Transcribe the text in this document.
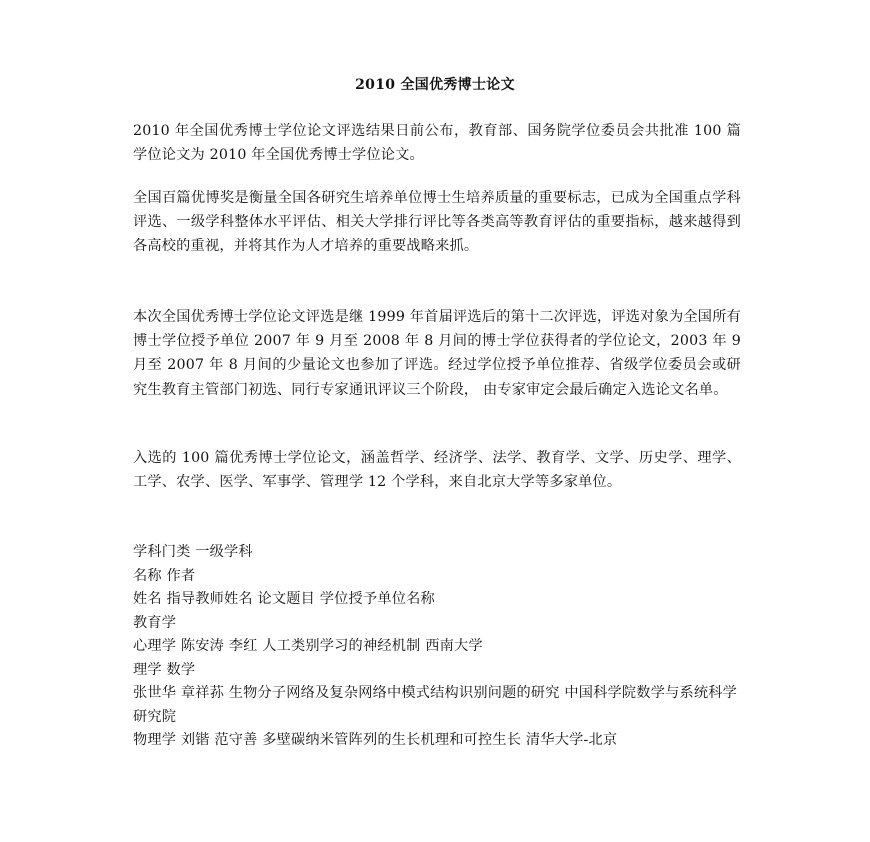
2010 全国优秀博士论文
2010 年全国优秀博士学位论文评选结果日前公布，教育部、国务院学位委员会共批准 100 篇学位论文为 2010 年全国优秀博士学位论文。
全国百篇优博奖是衡量全国各研究生培养单位博士生培养质量的重要标志，已成为全国重点学科评选、一级学科整体水平评估、相关大学排行评比等各类高等教育评估的重要指标，越来越得到各高校的重视，并将其作为人才培养的重要战略来抓。
本次全国优秀博士学位论文评选是继 1999 年首届评选后的第十二次评选，评选对象为全国所有博士学位授予单位 2007 年 9 月至 2008 年 8 月间的博士学位获得者的学位论文，2003 年 9 月至 2007 年 8 月间的少量论文也参加了评选。经过学位授予单位推荐、省级学位委员会或研究生教育主管部门初选、同行专家通讯评议三个阶段， 由专家审定会最后确定入选论文名单。
入选的 100 篇优秀博士学位论文，涵盖哲学、经济学、法学、教育学、文学、历史学、理学、工学、农学、医学、军事学、管理学 12 个学科，来自北京大学等多家单位。
学科门类 一级学科
名称 作者
姓名 指导教师姓名 论文题目 学位授予单位名称
教育学
心理学 陈安涛 李红 人工类别学习的神经机制 西南大学
理学 数学
张世华 章祥荪 生物分子网络及复杂网络中模式结构识别问题的研究 中国科学院数学与系统科学研究院
物理学 刘锴 范守善 多壁碳纳米管阵列的生长机理和可控生长 清华大学-北京
